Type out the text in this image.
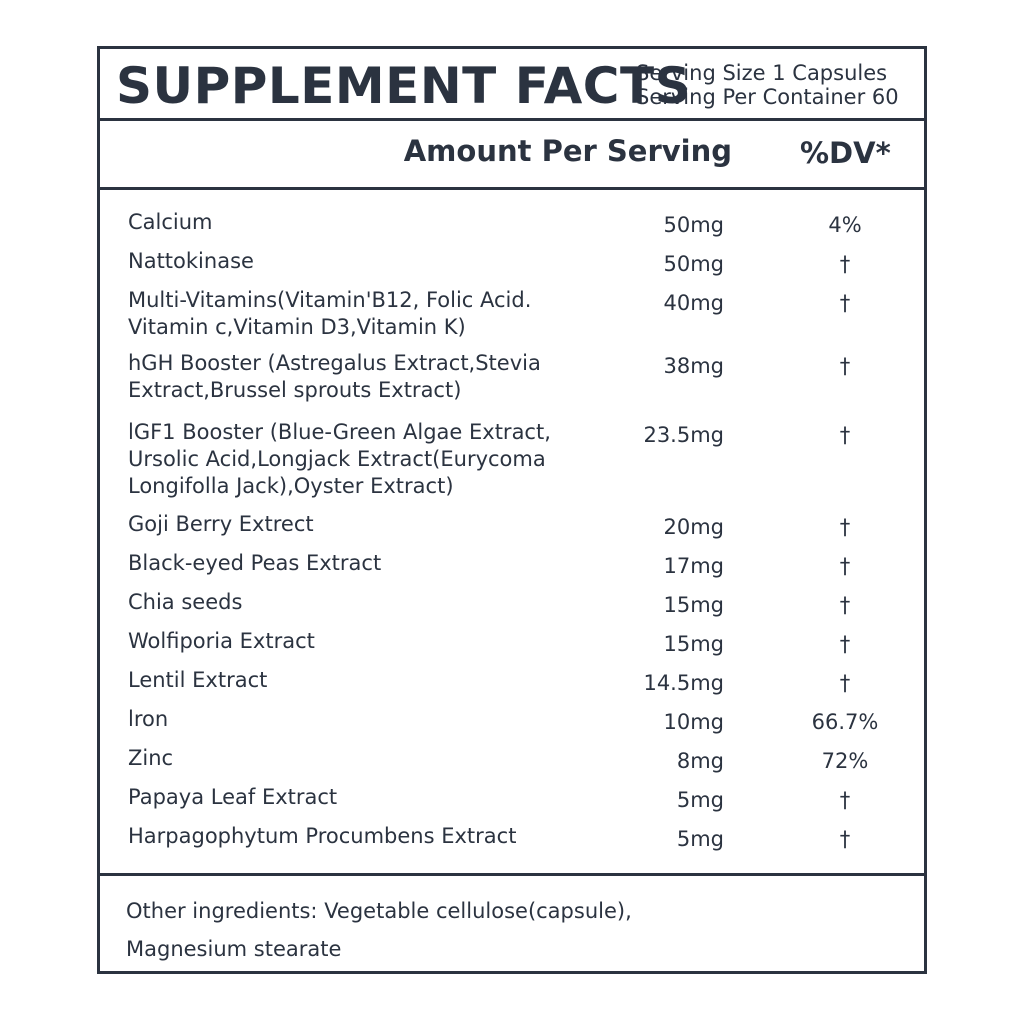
SUPPLEMENT FACTS
Serving Size 1 Capsules
Serving Per Container 60
Amount Per Serving %DV*
Calcium	50mg	4%
Nattokinase	50mg	†
Multi-Vitamins(Vitamin'B12, Folic Acid.
Vitamin c,Vitamin D3,Vitamin K)
40mg	†
hGH Booster (Astregalus Extract,Stevia
Extract,Brussel sprouts Extract)
38mg	†
lGF1 Booster (Blue-Green Algae Extract,
Ursolic Acid,Longjack Extract(Eurycoma
Longifolla Jack),Oyster Extract)
23.5mg	†
Goji Berry Extrect	20mg	†
Black-eyed Peas Extract	17mg	†
Chia seeds	15mg	†
Wolfiporia Extract	15mg	†
Lentil Extract	14.5mg	†
lron	10mg	66.7%
Zinc	8mg	72%
Papaya Leaf Extract	5mg	†
Harpagophytum Procumbens Extract	5mg	†
Other ingredients: Vegetable cellulose(capsule),
Magnesium stearate
